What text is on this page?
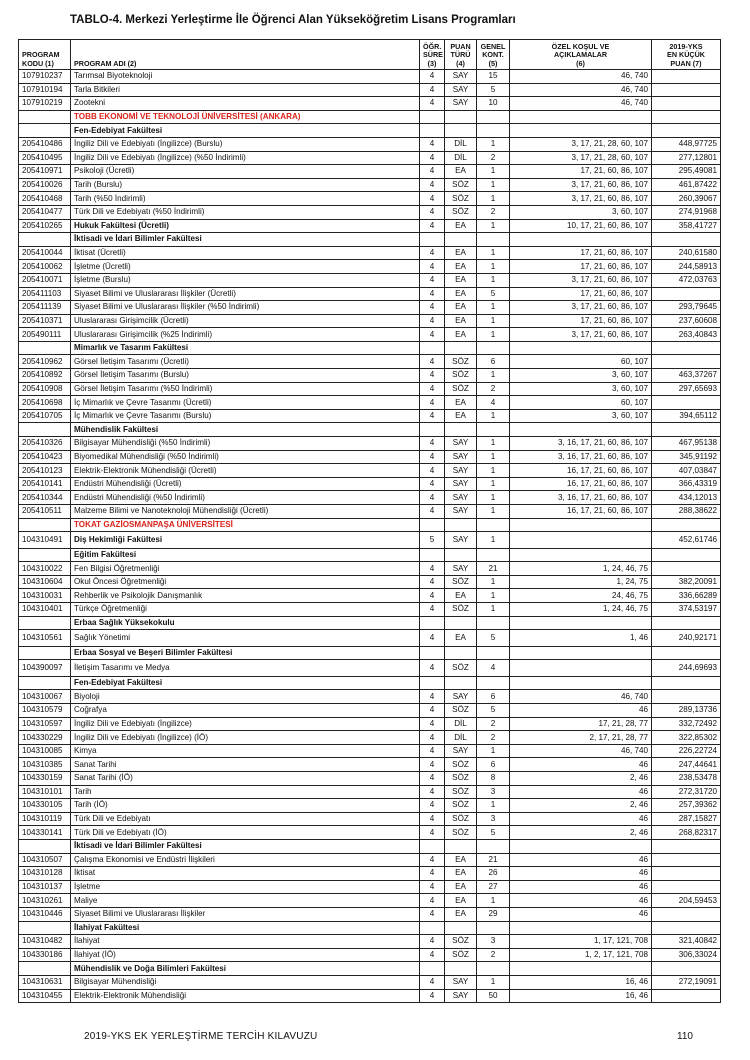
TABLO-4. Merkezi Yerleştirme İle Öğrenci Alan Yükseköğretim Lisans Programları
PROGRAM
KODU (1)	PROGRAM ADI (2)	ÖĞR.
SÜRE
(3)	PUAN
TÜRÜ
(4)	GENEL
KONT.
(5)	ÖZEL KOŞUL VE
AÇIKLAMALAR
(6)	2019-YKS
EN KÜÇÜK
PUAN (7)
107910237	Tarımsal Biyoteknoloji	4	SAY	15	46, 740	
107910194	Tarla Bitkileri	4	SAY	5	46, 740	
107910219	Zootekni	4	SAY	10	46, 740	
	TOBB EKONOMİ VE TEKNOLOJİ ÜNİVERSİTESİ (ANKARA)					
	Fen-Edebiyat Fakültesi					
205410486	İngiliz Dili ve Edebiyatı (İngilizce) (Burslu)	4	DİL	1	3, 17, 21, 28, 60, 107	448,97725
205410495	İngiliz Dili ve Edebiyatı (İngilizce) (%50 İndirimli)	4	DİL	2	3, 17, 21, 28, 60, 107	277,12801
205410971	Psikoloji (Ücretli)	4	EA	1	17, 21, 60, 86, 107	295,49081
205410026	Tarih (Burslu)	4	SÖZ	1	3, 17, 21, 60, 86, 107	461,87422
205410468	Tarih (%50 İndirimli)	4	SÖZ	1	3, 17, 21, 60, 86, 107	260,39067
205410477	Türk Dili ve Edebiyatı (%50 İndirimli)	4	SÖZ	2	3, 60, 107	274,91968
205410265	Hukuk Fakültesi (Ücretli)	4	EA	1	10, 17, 21, 60, 86, 107	358,41727
	İktisadi ve İdari Bilimler Fakültesi					
205410044	İktisat (Ücretli)	4	EA	1	17, 21, 60, 86, 107	240,61580
205410062	İşletme (Ücretli)	4	EA	1	17, 21, 60, 86, 107	244,58913
205410071	İşletme (Burslu)	4	EA	1	3, 17, 21, 60, 86, 107	472,03763
205411103	Siyaset Bilimi ve Uluslararası İlişkiler (Ücretli)	4	EA	5	17, 21, 60, 86, 107	
205411139	Siyaset Bilimi ve Uluslararası İlişkiler (%50 İndirimli)	4	EA	1	3, 17, 21, 60, 86, 107	293,79645
205410371	Uluslararası Girişimcilik (Ücretli)	4	EA	1	17, 21, 60, 86, 107	237,60608
205490111	Uluslararası Girişimcilik (%25 İndirimli)	4	EA	1	3, 17, 21, 60, 86, 107	263,40843
	Mimarlık ve Tasarım Fakültesi					
205410962	Görsel İletişim Tasarımı (Ücretli)	4	SÖZ	6	60, 107	
205410892	Görsel İletişim Tasarımı (Burslu)	4	SÖZ	1	3, 60, 107	463,37267
205410908	Görsel İletişim Tasarımı (%50 İndirimli)	4	SÖZ	2	3, 60, 107	297,65693
205410698	İç Mimarlık ve Çevre Tasarımı (Ücretli)	4	EA	4	60, 107	
205410705	İç Mimarlık ve Çevre Tasarımı (Burslu)	4	EA	1	3, 60, 107	394,65112
	Mühendislik Fakültesi					
205410326	Bilgisayar Mühendisliği (%50 İndirimli)	4	SAY	1	3, 16, 17, 21, 60, 86, 107	467,95138
205410423	Biyomedikal Mühendisliği (%50 İndirimli)	4	SAY	1	3, 16, 17, 21, 60, 86, 107	345,91192
205410123	Elektrik-Elektronik Mühendisliği (Ücretli)	4	SAY	1	16, 17, 21, 60, 86, 107	407,03847
205410141	Endüstri Mühendisliği (Ücretli)	4	SAY	1	16, 17, 21, 60, 86, 107	366,43319
205410344	Endüstri Mühendisliği (%50 İndirimli)	4	SAY	1	3, 16, 17, 21, 60, 86, 107	434,12013
205410511	Malzeme Bilimi ve Nanoteknoloji Mühendisliği (Ücretli)	4	SAY	1	16, 17, 21, 60, 86, 107	288,38622
	TOKAT GAZİOSMANPAŞA ÜNİVERSİTESİ					
104310491	Diş Hekimliği Fakültesi	5	SAY	1		452,61746
	Eğitim Fakültesi					
104310022	Fen Bilgisi Öğretmenliği	4	SAY	21	1, 24, 46, 75	
104310604	Okul Öncesi Öğretmenliği	4	SÖZ	1	1, 24, 75	382,20091
104310031	Rehberlik ve Psikolojik Danışmanlık	4	EA	1	24, 46, 75	336,66289
104310401	Türkçe Öğretmenliği	4	SÖZ	1	1, 24, 46, 75	374,53197
	Erbaa Sağlık Yüksekokulu					
104310561	Sağlık Yönetimi	4	EA	5	1, 46	240,92171
	Erbaa Sosyal ve Beşeri Bilimler Fakültesi					
104390097	İletişim Tasarımı ve Medya	4	SÖZ	4		244,69693
	Fen-Edebiyat Fakültesi					
104310067	Biyoloji	4	SAY	6	46, 740	
104310579	Coğrafya	4	SÖZ	5	46	289,13736
104310597	İngiliz Dili ve Edebiyatı (İngilizce)	4	DİL	2	17, 21, 28, 77	332,72492
104330229	İngiliz Dili ve Edebiyatı (İngilizce) (İÖ)	4	DİL	2	2, 17, 21, 28, 77	322,85302
104310085	Kimya	4	SAY	1	46, 740	226,22724
104310385	Sanat Tarihi	4	SÖZ	6	46	247,44641
104330159	Sanat Tarihi (İÖ)	4	SÖZ	8	2, 46	238,53478
104310101	Tarih	4	SÖZ	3	46	272,31720
104330105	Tarih (İÖ)	4	SÖZ	1	2, 46	257,39362
104310119	Türk Dili ve Edebiyatı	4	SÖZ	3	46	287,15827
104330141	Türk Dili ve Edebiyatı (İÖ)	4	SÖZ	5	2, 46	268,82317
	İktisadi ve İdari Bilimler Fakültesi					
104310507	Çalışma Ekonomisi ve Endüstri İlişkileri	4	EA	21	46	
104310128	İktisat	4	EA	26	46	
104310137	İşletme	4	EA	27	46	
104310261	Maliye	4	EA	1	46	204,59453
104310446	Siyaset Bilimi ve Uluslararası İlişkiler	4	EA	29	46	
	İlahiyat Fakültesi					
104310482	İlahiyat	4	SÖZ	3	1, 17, 121, 708	321,40842
104330186	İlahiyat (İÖ)	4	SÖZ	2	1, 2, 17, 121, 708	306,33024
	Mühendislik ve Doğa Bilimleri Fakültesi					
104310631	Bilgisayar Mühendisliği	4	SAY	1	16, 46	272,19091
104310455	Elektrik-Elektronik Mühendisliği	4	SAY	50	16, 46	
2019-YKS EK YERLEŞTİRME TERCİH KILAVUZU	110
